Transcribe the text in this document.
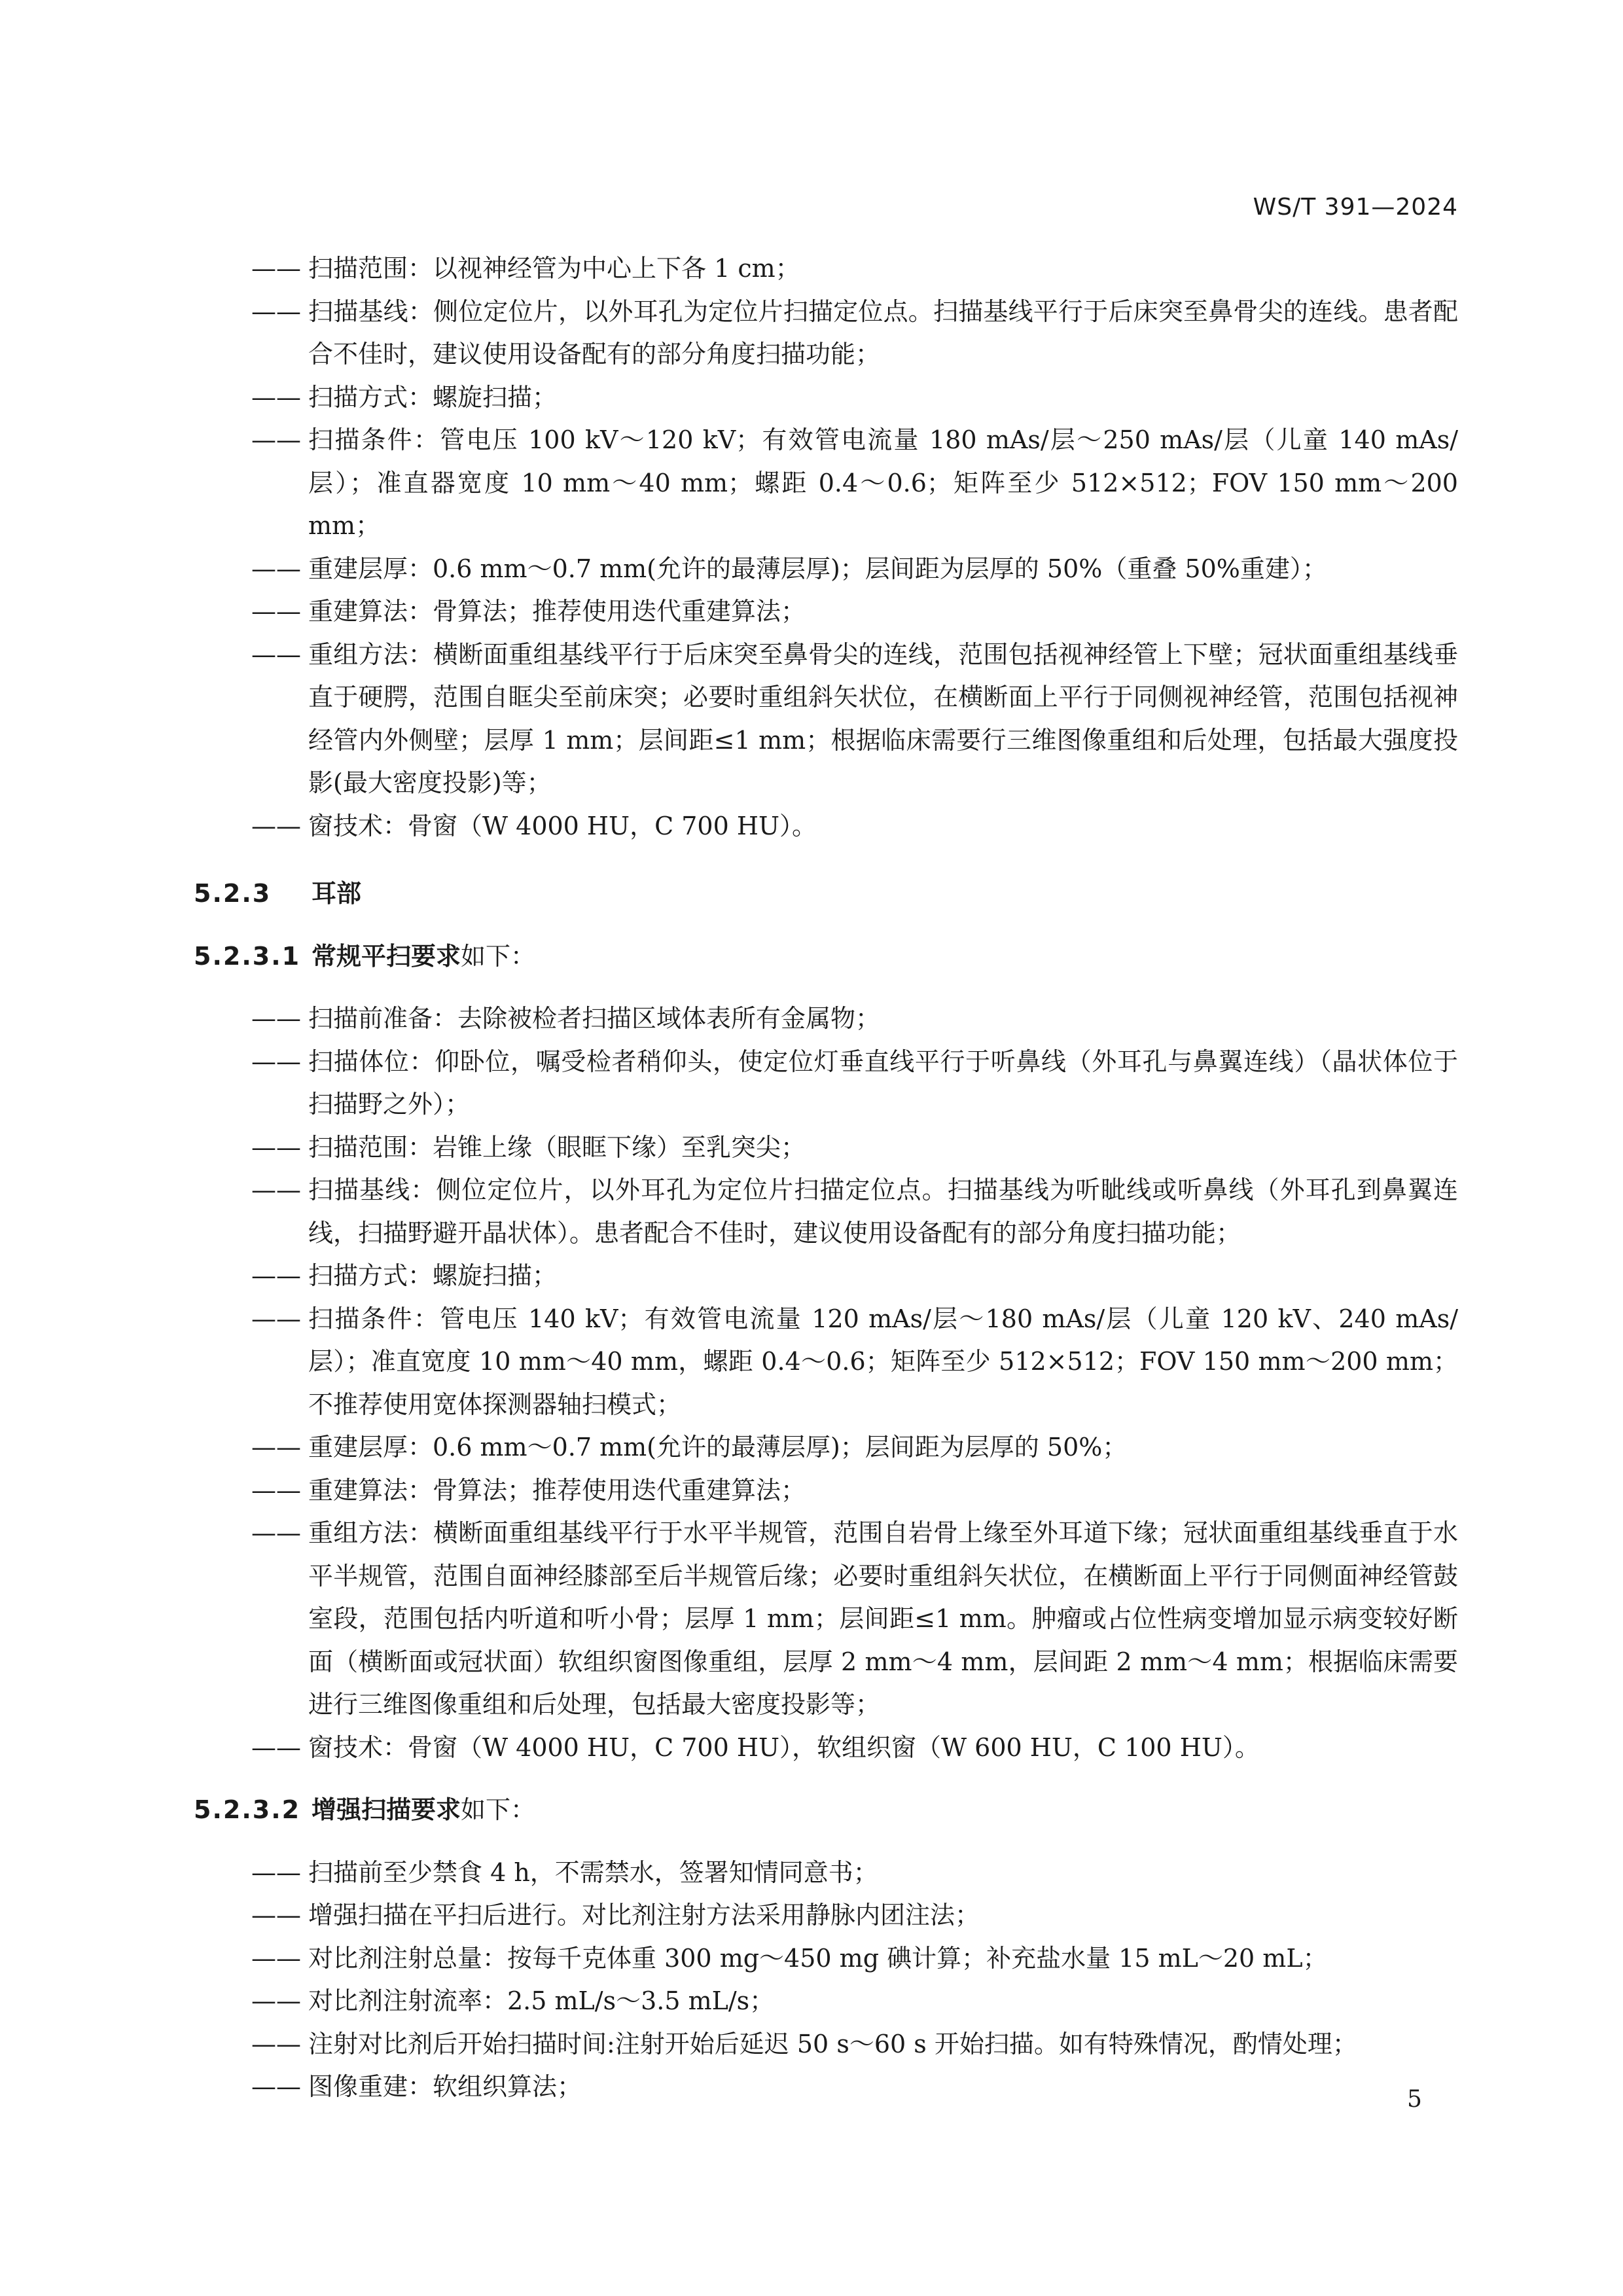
WS/T 391—2024

—— 扫描范围：以视神经管为中心上下各 1 cm；

—— 扫描基线：侧位定位片，以外耳孔为定位片扫描定位点。扫描基线平行于后床突至鼻骨尖的连线。患者配合不佳时，建议使用设备配有的部分角度扫描功能；

—— 扫描方式：螺旋扫描；

—— 扫描条件：管电压 100 kV～120 kV；有效管电流量 180 mAs/层～250 mAs/层（儿童 140 mAs/层）；准直器宽度 10 mm～40 mm；螺距 0.4～0.6；矩阵至少 512×512；FOV 150 mm～200 mm；

—— 重建层厚：0.6 mm～0.7 mm(允许的最薄层厚)；层间距为层厚的 50%（重叠 50%重建）；

—— 重建算法：骨算法；推荐使用迭代重建算法；

—— 重组方法：横断面重组基线平行于后床突至鼻骨尖的连线，范围包括视神经管上下壁；冠状面重组基线垂直于硬腭，范围自眶尖至前床突；必要时重组斜矢状位，在横断面上平行于同侧视神经管，范围包括视神经管内外侧壁；层厚 1 mm；层间距≤1 mm；根据临床需要行三维图像重组和后处理，包括最大强度投影(最大密度投影)等；

—— 窗技术：骨窗（W 4000 HU，C 700 HU）。

5.2.3 耳部
5.2.3.1 常规平扫要求如下：

—— 扫描前准备：去除被检者扫描区域体表所有金属物；

—— 扫描体位：仰卧位，嘱受检者稍仰头，使定位灯垂直线平行于听鼻线（外耳孔与鼻翼连线）（晶状体位于扫描野之外）；

—— 扫描范围：岩锥上缘（眼眶下缘）至乳突尖；

—— 扫描基线：侧位定位片，以外耳孔为定位片扫描定位点。扫描基线为听眦线或听鼻线（外耳孔到鼻翼连线，扫描野避开晶状体）。患者配合不佳时，建议使用设备配有的部分角度扫描功能；

—— 扫描方式：螺旋扫描；

—— 扫描条件：管电压 140 kV；有效管电流量 120 mAs/层～180 mAs/层（儿童 120 kV、240 mAs/层）；准直宽度 10 mm～40 mm，螺距 0.4～0.6；矩阵至少 512×512；FOV 150 mm～200 mm；不推荐使用宽体探测器轴扫模式；

—— 重建层厚：0.6 mm～0.7 mm(允许的最薄层厚)；层间距为层厚的 50%；

—— 重建算法：骨算法；推荐使用迭代重建算法；

—— 重组方法：横断面重组基线平行于水平半规管，范围自岩骨上缘至外耳道下缘；冠状面重组基线垂直于水平半规管，范围自面神经膝部至后半规管后缘；必要时重组斜矢状位，在横断面上平行于同侧面神经管鼓室段，范围包括内听道和听小骨；层厚 1 mm；层间距≤1 mm。肿瘤或占位性病变增加显示病变较好断面（横断面或冠状面）软组织窗图像重组，层厚 2 mm～4 mm，层间距 2 mm～4 mm；根据临床需要进行三维图像重组和后处理，包括最大密度投影等；

—— 窗技术：骨窗（W 4000 HU，C 700 HU），软组织窗（W 600 HU，C 100 HU）。

5.2.3.2 增强扫描要求如下：

—— 扫描前至少禁食 4 h，不需禁水，签署知情同意书；

—— 增强扫描在平扫后进行。对比剂注射方法采用静脉内团注法；

—— 对比剂注射总量：按每千克体重 300 mg～450 mg 碘计算；补充盐水量 15 mL～20 mL；

—— 对比剂注射流率：2.5 mL/s～3.5 mL/s；

—— 注射对比剂后开始扫描时间:注射开始后延迟 50 s～60 s 开始扫描。如有特殊情况，酌情处理；

—— 图像重建：软组织算法；	5
